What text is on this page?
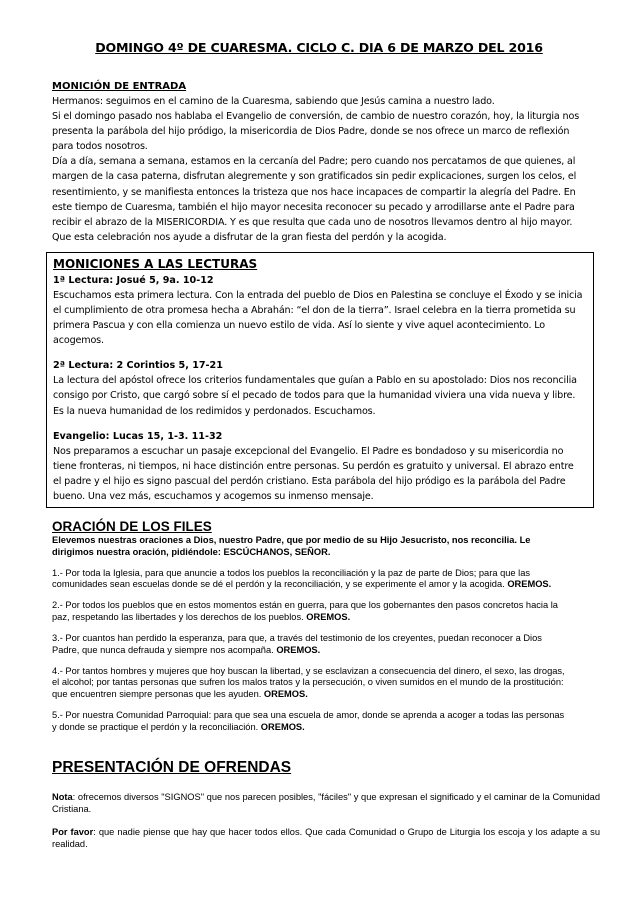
DOMINGO 4º DE CUARESMA. CICLO C. DIA 6 DE MARZO DEL 2016
MONICIÓN DE ENTRADA

Hermanos: seguimos en el camino de la Cuaresma, sabiendo que Jesús camina a nuestro lado.

Si el domingo pasado nos hablaba el Evangelio de conversión, de cambio de nuestro corazón, hoy, la liturgia nos

presenta la parábola del hijo pródigo, la misericordia de Dios Padre, donde se nos ofrece un marco de reflexión

para todos nosotros.

Día a día, semana a semana, estamos en la cercanía del Padre; pero cuando nos percatamos de que quienes, al

margen de la casa paterna, disfrutan alegremente y son gratificados sin pedir explicaciones, surgen los celos, el

resentimiento, y se manifiesta entonces la tristeza que nos hace incapaces de compartir la alegría del Padre. En

este tiempo de Cuaresma, también el hijo mayor necesita reconocer su pecado y arrodillarse ante el Padre para

recibir el abrazo de la MISERICORDIA. Y es que resulta que cada uno de nosotros llevamos dentro al hijo mayor.

Que esta celebración nos ayude a disfrutar de la gran fiesta del perdón y la acogida.

MONICIONES A LAS LECTURAS
1ª Lectura: Josué 5, 9a. 10-12

Escuchamos esta primera lectura. Con la entrada del pueblo de Dios en Palestina se concluye el Éxodo y se inicia

el cumplimiento de otra promesa hecha a Abrahán: “el don de la tierra”. Israel celebra en la tierra prometida su

primera Pascua y con ella comienza un nuevo estilo de vida. Así lo siente y vive aquel acontecimiento. Lo

acogemos.

2ª Lectura: 2 Corintios 5, 17-21

La lectura del apóstol ofrece los criterios fundamentales que guían a Pablo en su apostolado: Dios nos reconcilia

consigo por Cristo, que cargó sobre sí el pecado de todos para que la humanidad viviera una vida nueva y libre.

Es la nueva humanidad de los redimidos y perdonados. Escuchamos.

Evangelio: Lucas 15, 1-3. 11-32

Nos preparamos a escuchar un pasaje excepcional del Evangelio. El Padre es bondadoso y su misericordia no

tiene fronteras, ni tiempos, ni hace distinción entre personas. Su perdón es gratuito y universal. El abrazo entre

el padre y el hijo es signo pascual del perdón cristiano. Esta parábola del hijo pródigo es la parábola del Padre

bueno. Una vez más, escuchamos y acogemos su inmenso mensaje.

ORACIÓN DE LOS FILES

Elevemos nuestras oraciones a Dios, nuestro Padre, que por medio de su Hijo Jesucristo, nos reconcilia. Le

dirigimos nuestra oración, pidiéndole: ESCÚCHANOS, SEÑOR.

1.- Por toda la Iglesia, para que anuncie a todos los pueblos la reconciliación y la paz de parte de Dios; para que las

comunidades sean escuelas donde se dé el perdón y la reconciliación, y se experimente el amor y la acogida. OREMOS.

2.- Por todos los pueblos que en estos momentos están en guerra, para que los gobernantes den pasos concretos hacia la

paz, respetando las libertades y los derechos de los pueblos. OREMOS.

3.- Por cuantos han perdido la esperanza, para que, a través del testimonio de los creyentes, puedan reconocer a Dios

Padre, que nunca defrauda y siempre nos acompaña. OREMOS.

4.- Por tantos hombres y mujeres que hoy buscan la libertad, y se esclavizan a consecuencia del dinero, el sexo, las drogas,

el alcohol; por tantas personas que sufren los malos tratos y la persecución, o viven sumidos en el mundo de la prostitución:

que encuentren siempre personas que les ayuden. OREMOS.

5.- Por nuestra Comunidad Parroquial: para que sea una escuela de amor, donde se aprenda a acoger a todas las personas

y donde se practique el perdón y la reconciliación. OREMOS.

PRESENTACIÓN DE OFRENDAS

Nota: ofrecemos diversos "SIGNOS" que nos parecen posibles, "fáciles" y que expresan el significado y el caminar de la Comunidad Cristiana.

Por favor: que nadie piense que hay que hacer todos ellos. Que cada Comunidad o Grupo de Liturgia los escoja y los adapte a su realidad.
